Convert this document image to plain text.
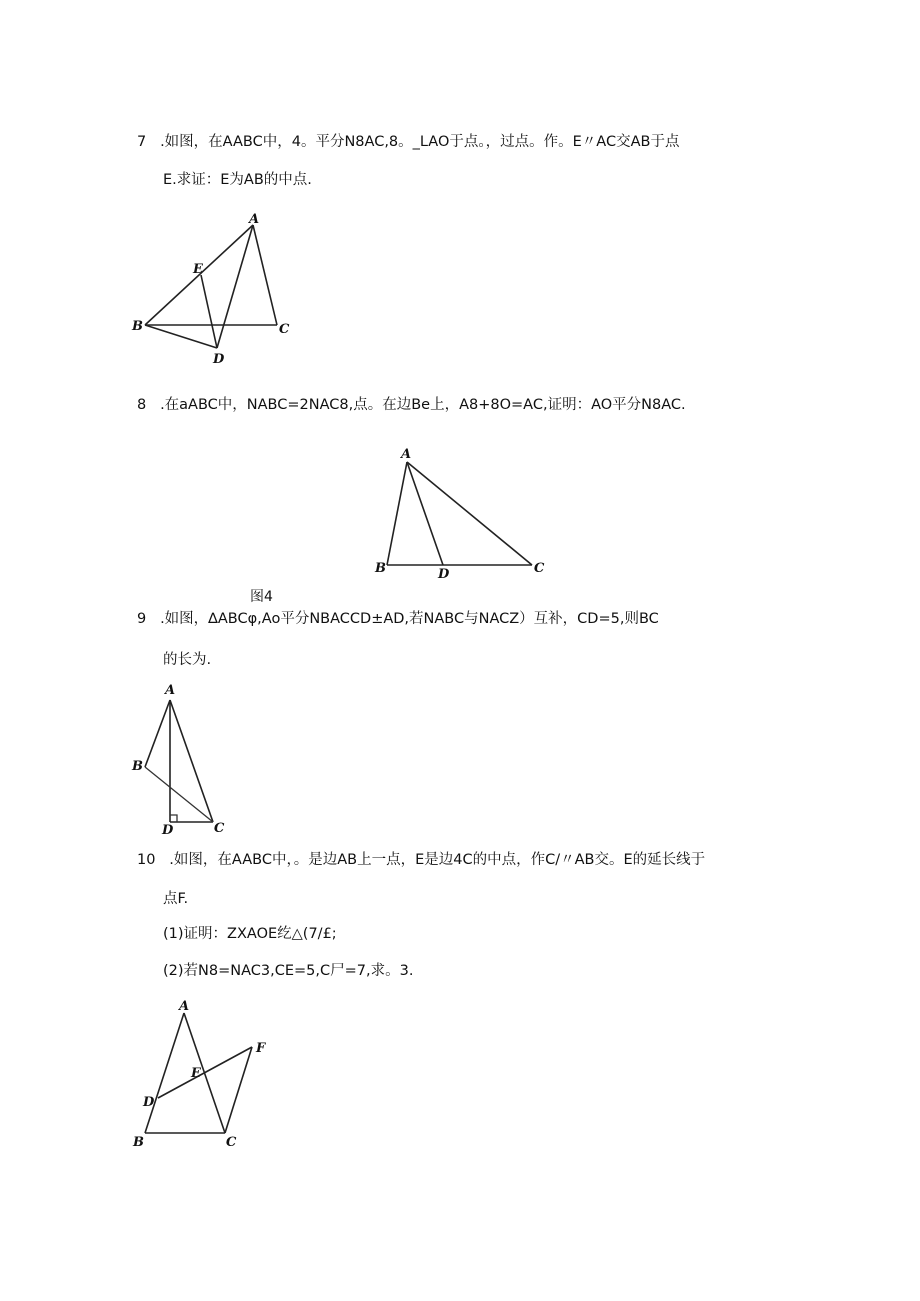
7 .如图，在AABC中，4。平分N8AC,8。_LAO于点。，过点。作。E〃AC交AB于点
E.求证：E为AB的中点.
A
B	C
D
E
8 .在aABC中，NABC=2NAC8,点。在边Be上，A8+8O=AC,证明：AO平分N8AC.
A
B	C
D
图4
9 .如图，∆ABCφ,Ao平分NBACCD±AD,若NABC与NACZ）互补，CD=5,则BC
的长为.
A
B
C
D
10 .如图，在AABC中，。是边AB上一点，E是边4C的中点，作C/〃AB交。E的延长线于
点F.
(1)证明：ZXAOE纥△(7/£;
(2)若N8=NAC3,CE=5,C尸=7,求。3.
A
B	C
D
E
F
